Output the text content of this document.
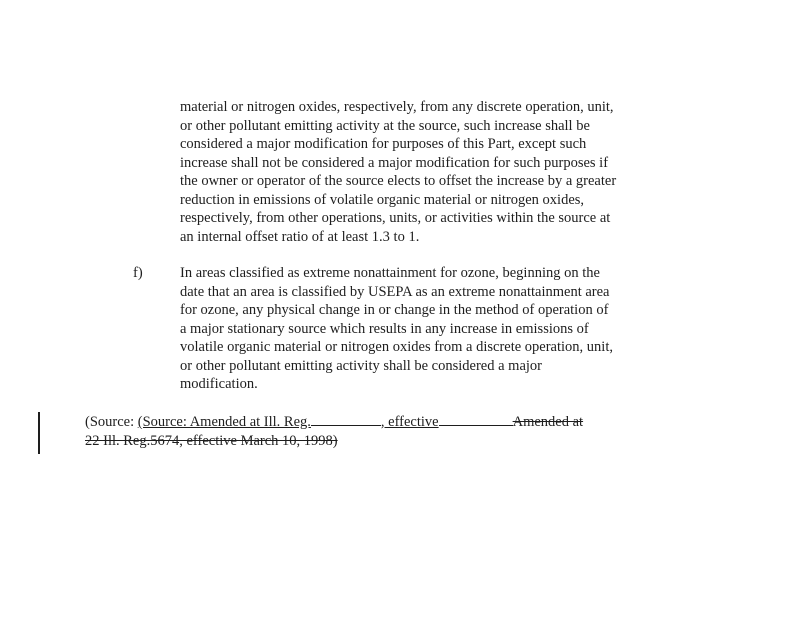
material or nitrogen oxides, respectively, from any discrete operation, unit,
or other pollutant emitting activity at the source, such increase shall be
considered a major modification for purposes of this Part, except such
increase shall not be considered a major modification for such purposes if
the owner or operator of the source elects to offset the increase by a greater
reduction in emissions of volatile organic material or nitrogen oxides,
respectively, from other operations, units, or activities within the source at
an internal offset ratio of at least 1.3 to 1.
f)	In areas classified as extreme nonattainment for ozone, beginning on the
date that an area is classified by USEPA as an extreme nonattainment area
for ozone, any physical change in or change in the method of operation of
a major stationary source which results in any increase in emissions of
volatile organic material or nitrogen oxides from a discrete operation, unit,
or other pollutant emitting activity shall be considered a major
modification.
(Source: (Source: Amended at Ill. Reg.	, effective	Amended at
22 Ill. Reg.5674, effective March 10, 1998)
